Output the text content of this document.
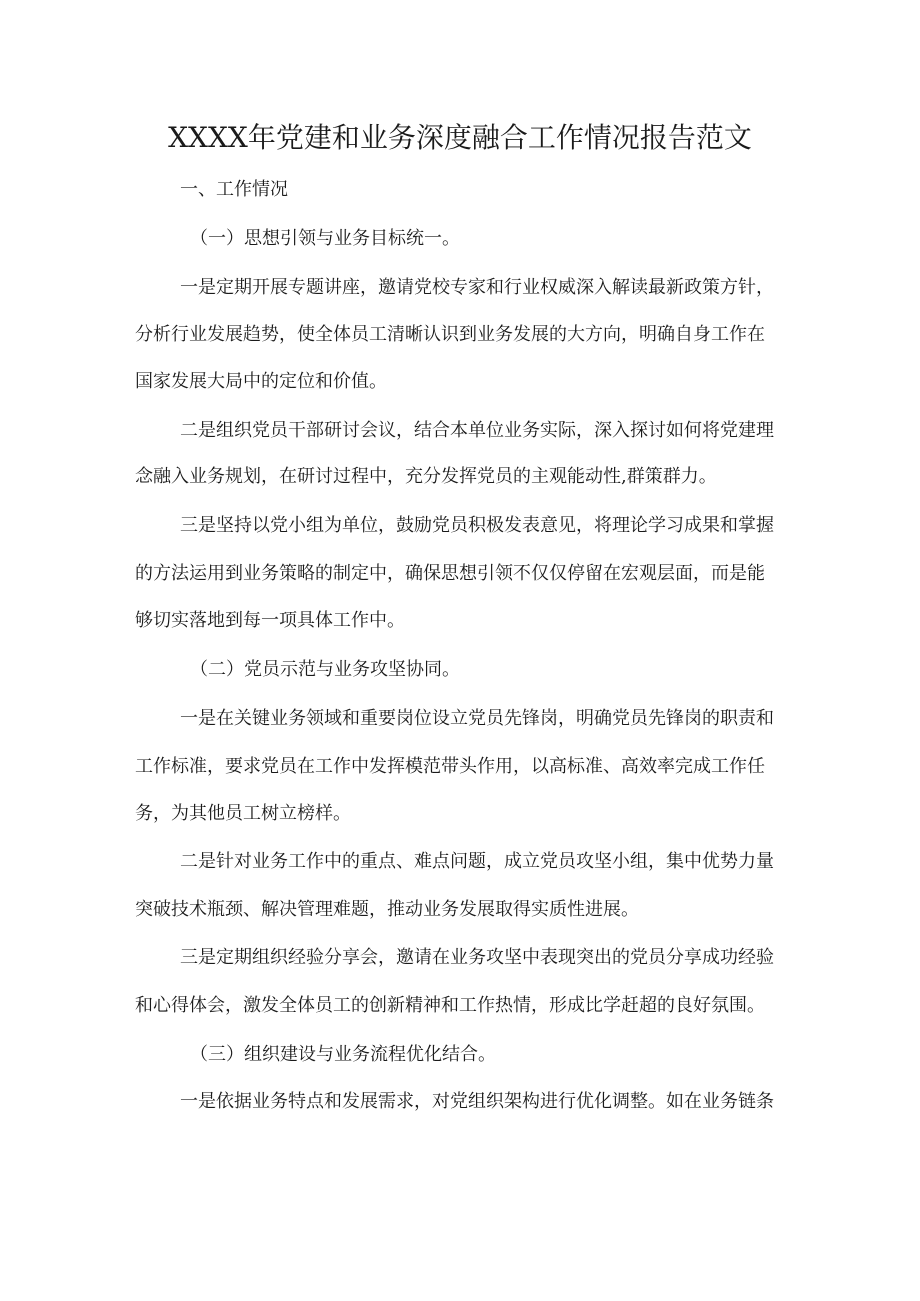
XXXX年党建和业务深度融合工作情况报告范文
一、工作情况
（一）思想引领与业务目标统一。
一是定期开展专题讲座，邀请党校专家和行业权威深入解读最新政策方针，
分析行业发展趋势，使全体员工清晰认识到业务发展的大方向，明确自身工作在
国家发展大局中的定位和价值。
二是组织党员干部研讨会议，结合本单位业务实际，深入探讨如何将党建理
念融入业务规划，在研讨过程中，充分发挥党员的主观能动性,群策群力。
三是坚持以党小组为单位，鼓励党员积极发表意见，将理论学习成果和掌握
的方法运用到业务策略的制定中，确保思想引领不仅仅停留在宏观层面，而是能
够切实落地到每一项具体工作中。
（二）党员示范与业务攻坚协同。
一是在关键业务领域和重要岗位设立党员先锋岗，明确党员先锋岗的职责和
工作标准，要求党员在工作中发挥模范带头作用，以高标准、高效率完成工作任
务，为其他员工树立榜样。
二是针对业务工作中的重点、难点问题，成立党员攻坚小组，集中优势力量
突破技术瓶颈、解决管理难题，推动业务发展取得实质性进展。
三是定期组织经验分享会，邀请在业务攻坚中表现突出的党员分享成功经验
和心得体会，激发全体员工的创新精神和工作热情，形成比学赶超的良好氛围。
（三）组织建设与业务流程优化结合。
一是依据业务特点和发展需求，对党组织架构进行优化调整。如在业务链条
